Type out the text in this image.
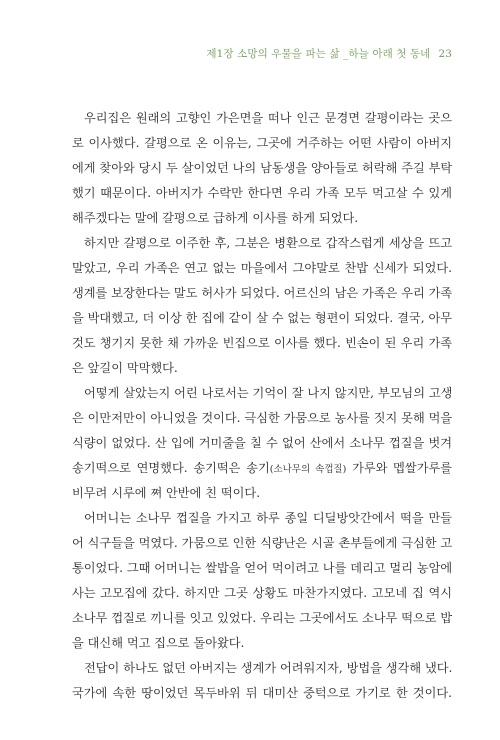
제1장 소망의 우물을 파는 삶 _하늘 아래 첫 동네 23
우리집은 원래의 고향인 가은면을 떠나 인근 문경면 갈평이라는 곳으
로 이사했다. 갈평으로 온 이유는, 그곳에 거주하는 어떤 사람이 아버지
에게 찾아와 당시 두 살이었던 나의 남동생을 양아들로 허락해 주길 부탁
했기 때문이다. 아버지가 수락만 한다면 우리 가족 모두 먹고살 수 있게
해주겠다는 말에 갈평으로 급하게 이사를 하게 되었다.
하지만 갈평으로 이주한 후, 그분은 병환으로 갑작스럽게 세상을 뜨고
말았고, 우리 가족은 연고 없는 마을에서 그야말로 찬밥 신세가 되었다.
생계를 보장한다는 말도 허사가 되었다. 어르신의 남은 가족은 우리 가족
을 박대했고, 더 이상 한 집에 같이 살 수 없는 형편이 되었다. 결국, 아무
것도 챙기지 못한 채 가까운 빈집으로 이사를 했다. 빈손이 된 우리 가족
은 앞길이 막막했다.
어떻게 살았는지 어린 나로서는 기억이 잘 나지 않지만, 부모님의 고생
은 이만저만이 아니었을 것이다. 극심한 가뭄으로 농사를 짓지 못해 먹을
식량이 없었다. 산 입에 거미줄을 칠 수 없어 산에서 소나무 껍질을 벗겨
송기떡으로 연명했다. 송기떡은 송기(소나무의 속껍질) 가루와 멥쌀가루를
비무려 시루에 쪄 안반에 친 떡이다.
어머니는 소나무 껍질을 가지고 하루 종일 디딜방앗간에서 떡을 만들
어 식구들을 먹였다. 가뭄으로 인한 식량난은 시골 촌부들에게 극심한 고
통이었다. 그때 어머니는 쌀밥을 얻어 먹이려고 나를 데리고 멀리 농암에
사는 고모집에 갔다. 하지만 그곳 상황도 마찬가지였다. 고모네 집 역시
소나무 껍질로 끼니를 잇고 있었다. 우리는 그곳에서도 소나무 떡으로 밥
을 대신해 먹고 집으로 돌아왔다.
전답이 하나도 없던 아버지는 생계가 어려워지자, 방법을 생각해 냈다.
국가에 속한 땅이었던 목두바위 뒤 대미산 중턱으로 가기로 한 것이다.
